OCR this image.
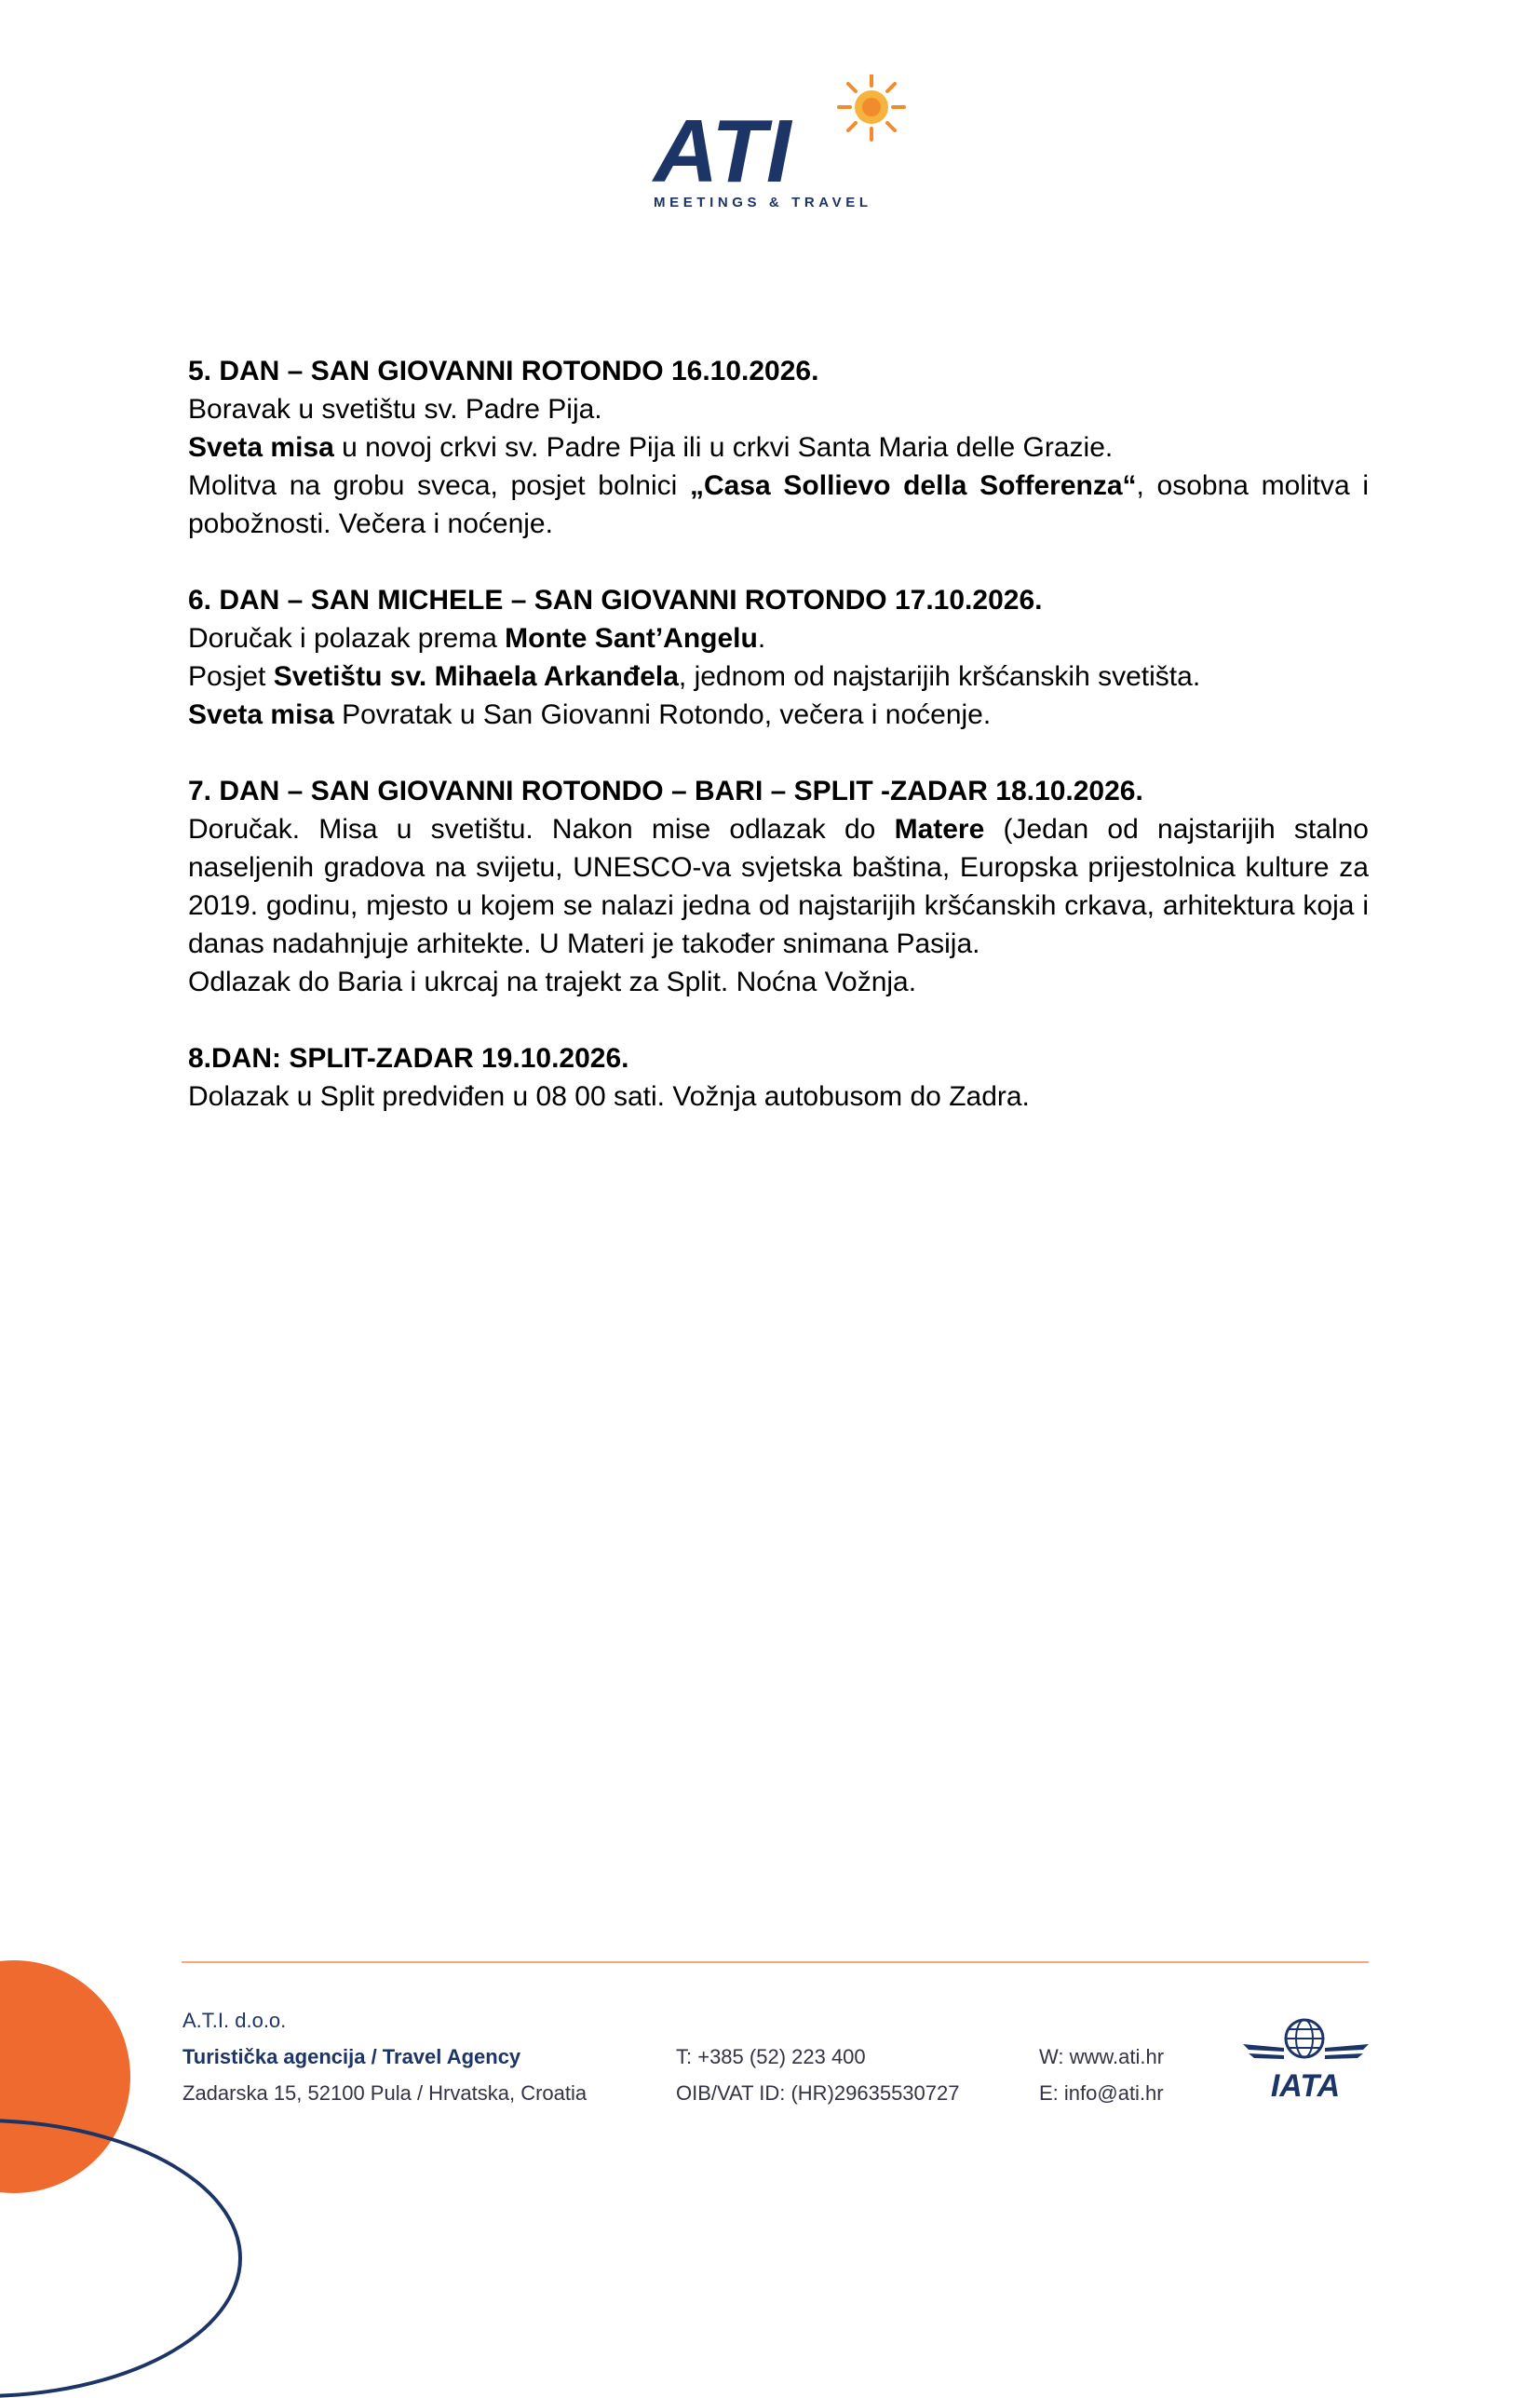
ATI
MEETINGS & TRAVEL
5. DAN – SAN GIOVANNI ROTONDO 16.10.2026.

Boravak u svetištu sv. Padre Pija.

Sveta misa u novoj crkvi sv. Padre Pija ili u crkvi Santa Maria delle Grazie.

Molitva na grobu sveca, posjet bolnici „Casa Sollievo della Sofferenza“, osobna molitva i pobožnosti. Večera i noćenje.

6. DAN – SAN MICHELE – SAN GIOVANNI ROTONDO 17.10.2026.

Doručak i polazak prema Monte Sant’Angelu.

Posjet Svetištu sv. Mihaela Arkanđela, jednom od najstarijih kršćanskih svetišta.

Sveta misa Povratak u San Giovanni Rotondo, večera i noćenje.

7. DAN – SAN GIOVANNI ROTONDO – BARI – SPLIT -ZADAR 18.10.2026.

Doručak. Misa u svetištu. Nakon mise odlazak do Matere (Jedan od najstarijih stalno naseljenih gradova na svijetu, UNESCO-va svjetska baština, Europska prijestolnica kulture za 2019. godinu, mjesto u kojem se nalazi jedna od najstarijih kršćanskih crkava, arhitektura koja i danas nadahnjuje arhitekte. U Materi je također snimana Pasija.

Odlazak do Baria i ukrcaj na trajekt za Split. Noćna Vožnja.

8.DAN: SPLIT-ZADAR 19.10.2026.

Dolazak u Split predviđen u 08 00 sati. Vožnja autobusom do Zadra.

A.T.I. d.o.o.
Turistička agencija / Travel Agency
Zadarska 15, 52100 Pula / Hrvatska, Croatia
T: +385 (52) 223 400
OIB/VAT ID: (HR)29635530727
W: www.ati.hr
E: info@ati.hr	IATA
